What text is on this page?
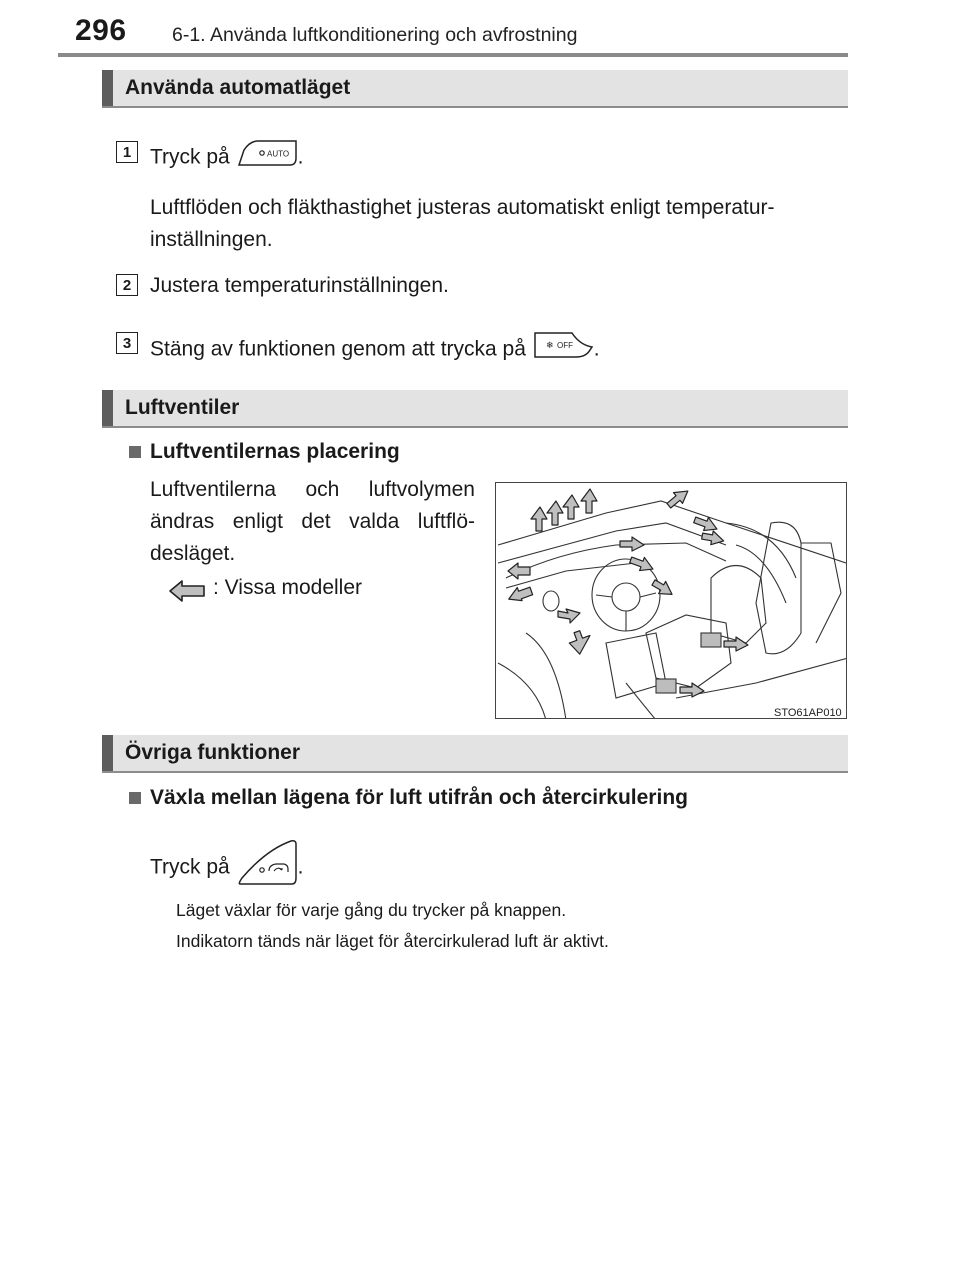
296 6-1. Använda luftkonditionering och avfrostning
Använda automatläget
1 Tryck på	AUTO .
Luftflöden och fläkthastighet justeras automatiskt enligt temperatur-inställningen.
2 Justera temperaturinställningen.
3 Stäng av funktionen genom att trycka på ❄ OFF .
Luftventiler
Luftventilernas placering
Luftventilerna och luftvolymen
ändras enligt det valda luftflö-
desläget.
: Vissa modeller
STO61AP010
Övriga funktioner
Växla mellan lägena för luft utifrån och återcirkulering
Tryck på	.
Läget växlar för varje gång du trycker på knappen.
Indikatorn tänds när läget för återcirkulerad luft är aktivt.
